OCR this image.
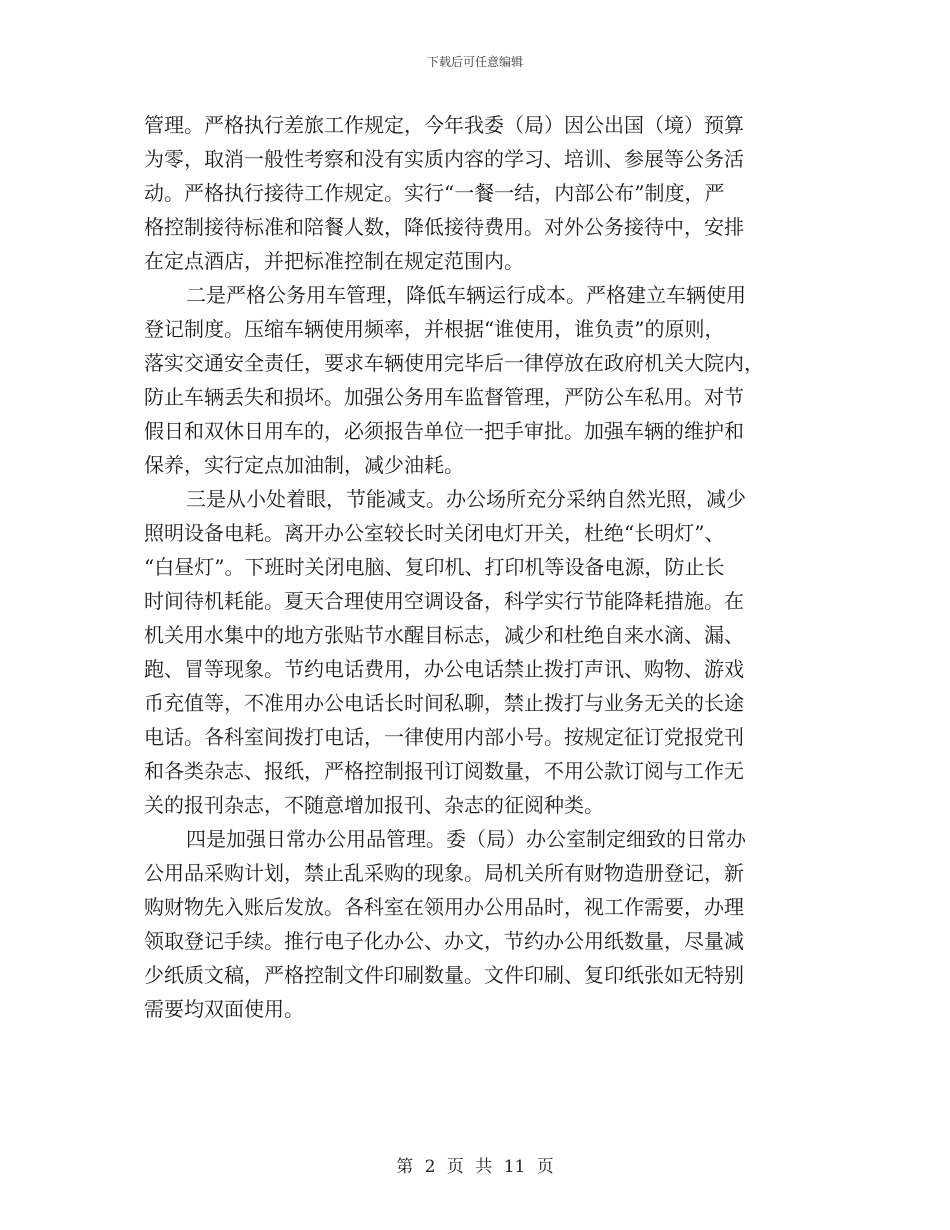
下载后可任意编辑
管理。严格执行差旅工作规定，今年我委（局）因公出国（境）预算
为零，取消一般性考察和没有实质内容的学习、培训、参展等公务活
动。严格执行接待工作规定。实行“一餐一结，内部公布”制度，严
格控制接待标准和陪餐人数，降低接待费用。对外公务接待中，安排
在定点酒店，并把标准控制在规定范围内。
二是严格公务用车管理，降低车辆运行成本。严格建立车辆使用
登记制度。压缩车辆使用频率，并根据“谁使用，谁负责”的原则，
落实交通安全责任，要求车辆使用完毕后一律停放在政府机关大院内，
防止车辆丢失和损坏。加强公务用车监督管理，严防公车私用。对节
假日和双休日用车的，必须报告单位一把手审批。加强车辆的维护和
保养，实行定点加油制，减少油耗。
三是从小处着眼，节能减支。办公场所充分采纳自然光照，减少
照明设备电耗。离开办公室较长时关闭电灯开关，杜绝“长明灯”、
“白昼灯”。下班时关闭电脑、复印机、打印机等设备电源，防止长
时间待机耗能。夏天合理使用空调设备，科学实行节能降耗措施。在
机关用水集中的地方张贴节水醒目标志，减少和杜绝自来水滴、漏、
跑、冒等现象。节约电话费用，办公电话禁止拨打声讯、购物、游戏
币充值等，不准用办公电话长时间私聊，禁止拨打与业务无关的长途
电话。各科室间拨打电话，一律使用内部小号。按规定征订党报党刊
和各类杂志、报纸，严格控制报刊订阅数量，不用公款订阅与工作无
关的报刊杂志，不随意增加报刊、杂志的征阅种类。
四是加强日常办公用品管理。委（局）办公室制定细致的日常办
公用品采购计划，禁止乱采购的现象。局机关所有财物造册登记，新
购财物先入账后发放。各科室在领用办公用品时，视工作需要，办理
领取登记手续。推行电子化办公、办文，节约办公用纸数量，尽量减
少纸质文稿，严格控制文件印刷数量。文件印刷、复印纸张如无特别
需要均双面使用。
第 2 页 共 11 页
